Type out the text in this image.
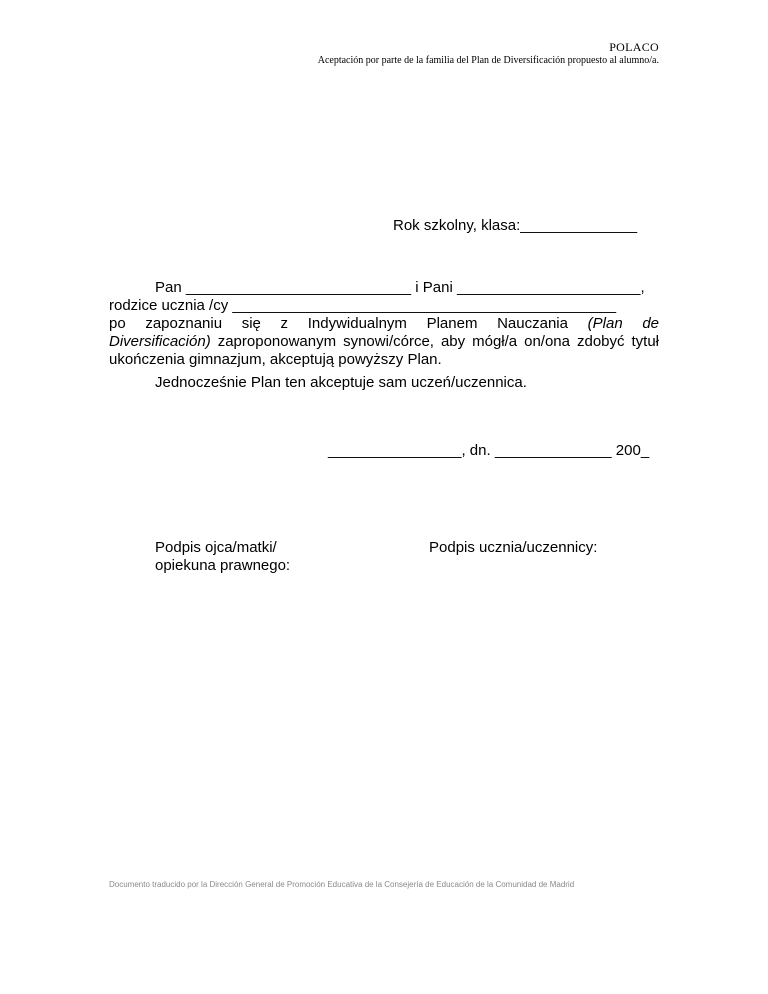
POLACO
Aceptación por parte de la familia del Plan de Diversificación propuesto al alumno/a.
Rok szkolny, klasa:______________
Pan ___________________________ i Pani ______________________,
rodzice ucznia /cy ______________________________________________
po zapoznaniu się z Indywidualnym Planem Nauczania (Plan de
Diversificación) zaproponowanym synowi/córce, aby mógł/a on/ona zdobyć tytuł
ukończenia gimnazjum, akceptują powyższy Plan.
Jednocześnie Plan ten akceptuje sam uczeń/uczennica.
________________, dn. ______________ 200_
Podpis ojca/matki/
opiekuna prawnego:
Podpis ucznia/uczennicy:
Documento traducido por la Dirección General de Promoción Educativa de la Consejería de Educación de la Comunidad de Madrid
